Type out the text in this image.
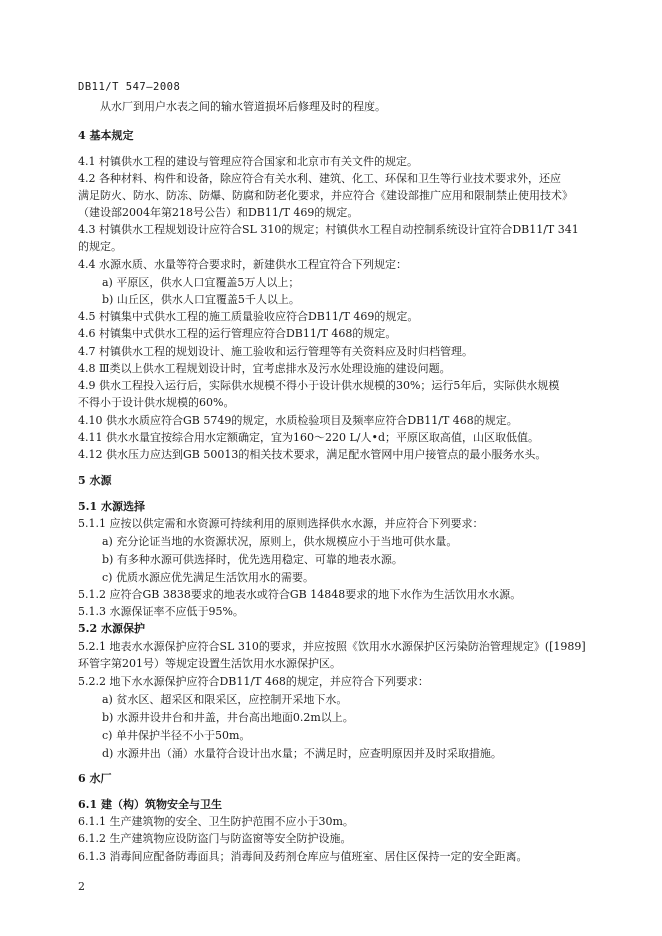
DB11/T 547—2008
从水厂到用户水表之间的输水管道损坏后修理及时的程度。
4 基本规定
4.1 村镇供水工程的建设与管理应符合国家和北京市有关文件的规定。
4.2 各种材料、构件和设备，除应符合有关水利、建筑、化工、环保和卫生等行业技术要求外，还应
满足防火、防水、防冻、防爆、防腐和防老化要求，并应符合《建设部推广应用和限制禁止使用技术》
（建设部2004年第218号公告）和DB11/T 469的规定。
4.3 村镇供水工程规划设计应符合SL 310的规定；村镇供水工程自动控制系统设计宜符合DB11/T 341
的规定。
4.4 水源水质、水量等符合要求时，新建供水工程宜符合下列规定：
a) 平原区，供水人口宜覆盖5万人以上；
b) 山丘区，供水人口宜覆盖5千人以上。
4.5 村镇集中式供水工程的施工质量验收应符合DB11/T 469的规定。
4.6 村镇集中式供水工程的运行管理应符合DB11/T 468的规定。
4.7 村镇供水工程的规划设计、施工验收和运行管理等有关资料应及时归档管理。
4.8 Ⅲ类以上供水工程规划设计时，宜考虑排水及污水处理设施的建设问题。
4.9 供水工程投入运行后，实际供水规模不得小于设计供水规模的30%；运行5年后，实际供水规模
不得小于设计供水规模的60%。
4.10 供水水质应符合GB 5749的规定，水质检验项目及频率应符合DB11/T 468的规定。
4.11 供水水量宜按综合用水定额确定，宜为160～220 L/人•d；平原区取高值，山区取低值。
4.12 供水压力应达到GB 50013的相关技术要求，满足配水管网中用户接管点的最小服务水头。
5 水源
5.1 水源选择
5.1.1 应按以供定需和水资源可持续利用的原则选择供水水源，并应符合下列要求：
a) 充分论证当地的水资源状况，原则上，供水规模应小于当地可供水量。
b) 有多种水源可供选择时，优先选用稳定、可靠的地表水源。
c) 优质水源应优先满足生活饮用水的需要。
5.1.2 应符合GB 3838要求的地表水或符合GB 14848要求的地下水作为生活饮用水水源。
5.1.3 水源保证率不应低于95%。
5.2 水源保护
5.2.1 地表水水源保护应符合SL 310的要求，并应按照《饮用水水源保护区污染防治管理规定》([1989]
环管字第201号）等规定设置生活饮用水水源保护区。
5.2.2 地下水水源保护应符合DB11/T 468的规定，并应符合下列要求：
a) 贫水区、超采区和限采区，应控制开采地下水。
b) 水源井设井台和井盖，井台高出地面0.2m以上。
c) 单井保护半径不小于50m。
d) 水源井出（涌）水量符合设计出水量；不满足时，应查明原因并及时采取措施。
6 水厂
6.1 建（构）筑物安全与卫生
6.1.1 生产建筑物的安全、卫生防护范围不应小于30m。
6.1.2 生产建筑物应设防盗门与防盗窗等安全防护设施。
6.1.3 消毒间应配备防毒面具；消毒间及药剂仓库应与值班室、居住区保持一定的安全距离。
2
